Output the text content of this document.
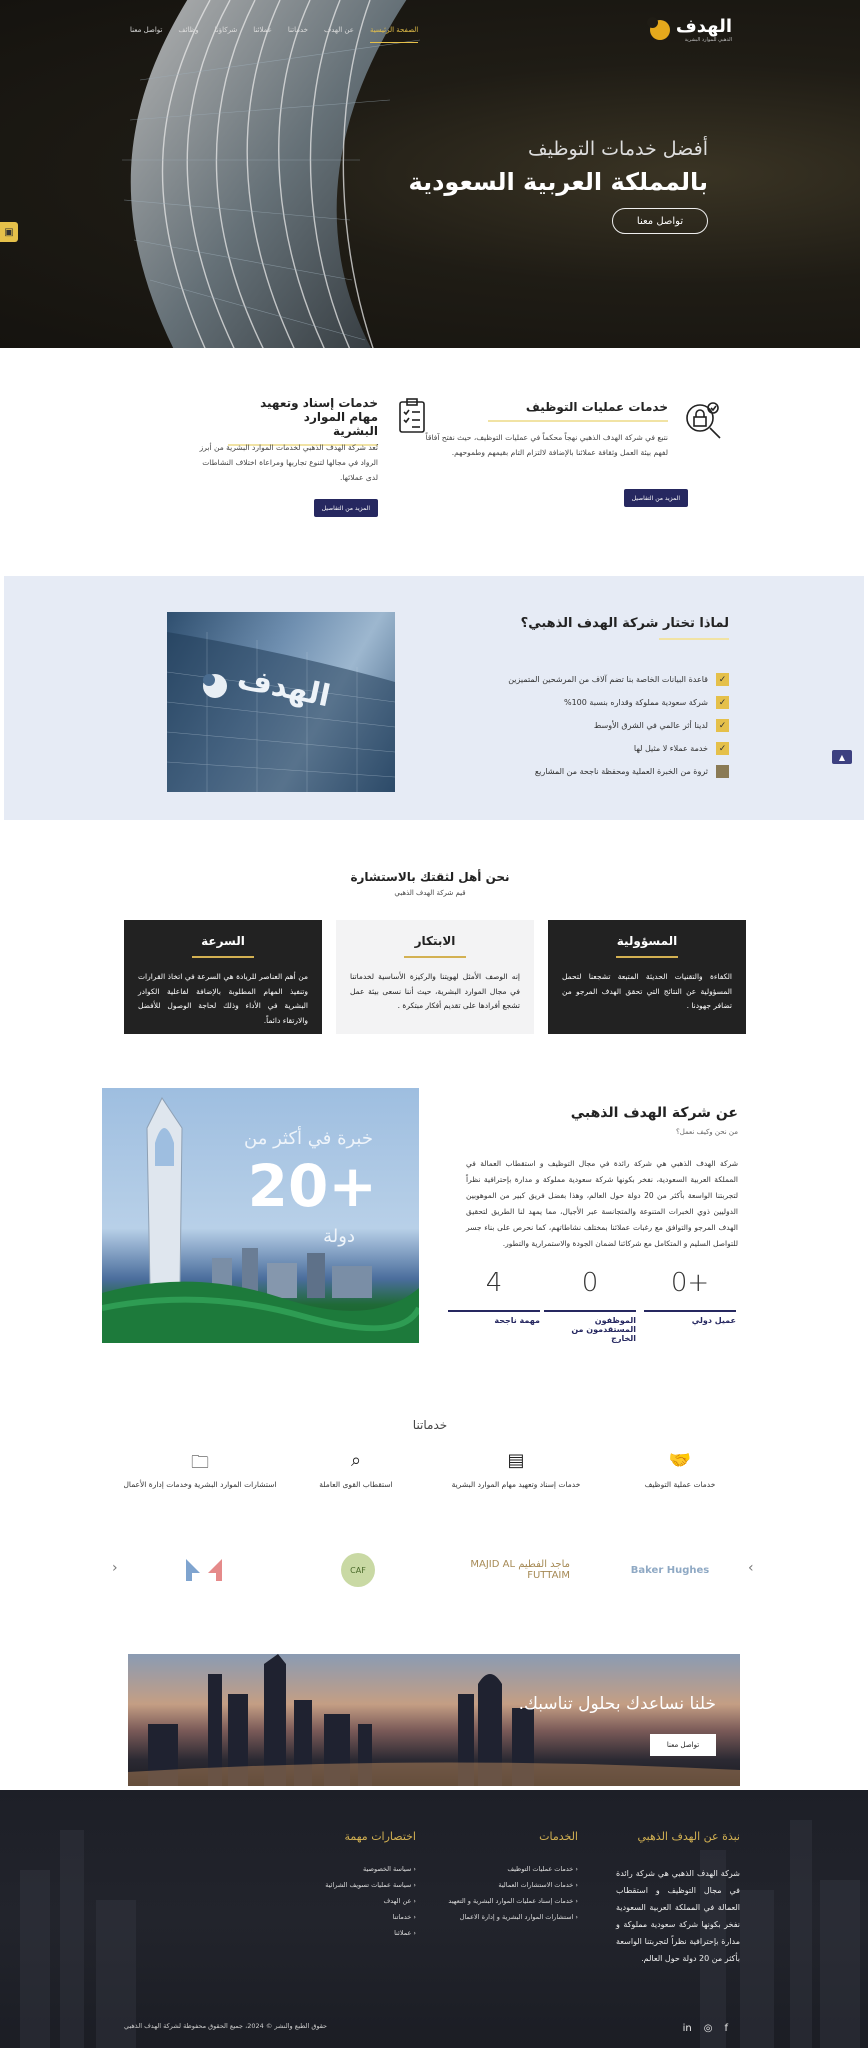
الهدف
الذهبي للموارد البشرية
تواصل معنا وظائف شركاؤنا عملائنا خدماتنا عن الهدف الصفحة الرئيسية
أفضل خدمات التوظيف
بالمملكة العربية السعودية
تواصل معنا
▣
خدمات عمليات التوظيف

نتبع في شركة الهدف الذهبي نهجاً محكماً في عمليات التوظيف، حيث نفتح آفاقاً لفهم بيئة العمل وثقافة عملائنا بالإضافة لالتزام التام بقيمهم وطموحهم.

المزيد من التفاصيل
خدمات إسناد وتعهيد مهام الموارد البشرية

تُعد شركة الهدف الذهبي لخدمات الموارد البشرية من أبرز الرواد في مجالها لتنوع تجاربها ومراعاة اختلاف النشاطات لدى عملائها.

المزيد من التفاصيل
لماذا تختار شركة الهدف الذهبي؟
✓
قاعدة البيانات الخاصة بنا تضم آلاف من المرشحين المتميزين
✓
شركة سعودية مملوكة وقداره بنسبة 100%
✓
لدينا أثر عالمي في الشرق الأوسط
✓
خدمة عملاء لا مثيل لها
ثروة من الخبرة العملية ومحفظة ناجحة من المشاريع
الهدف
▲
نحن أهل لثقتك بالاستشارة
قيم شركة الهدف الذهبي
المسؤولية

الكفاءة والتقنيات الحديثة المتبعة تشجعنا لتحمل المسؤولية عن النتائج التي تحقق الهدف المرجو من تضافر جهودنا .

الابتكار

إنه الوصف الأمثل لهويتنا والركيزة الأساسية لخدماتنا في مجال الموارد البشرية، حيث أننا نسعى بيئة عمل تشجع أفرادها على تقديم أفكار مبتكرة .

السرعة

من أهم العناصر للريادة هي السرعة في اتخاذ القرارات وتنفيذ المهام المطلوبة بالإضافة لفاعلية الكوادر البشرية في الأداء وذلك لحاجة الوصول للأفضل والارتقاء دائماً.

خبرة في أكثر من
+20
دولة
عن شركة الهدف الذهبي
من نحن وكيف نعمل؟

شركة الهدف الذهبي هي شركة رائدة في مجال التوظيف و استقطاب العمالة في المملكة العربية السعودية، نفخر بكونها شركة سعودية مملوكة و مدارة بإحترافية نظراً لتجربتنا الواسعة بأكثر من 20 دولة حول العالم، وهذا بفضل فريق كبير من الموهوبين الدوليين ذوي الخبرات المتنوعة والمتجانسة عبر الأجيال، مما يمهد لنا الطريق لتحقيق الهدف المرجو والتوافق مع رغبات عملائنا بمختلف نشاطاتهم، كما نحرص على بناء جسر للتواصل السليم و المتكامل مع شركائنا لضمان الجودة والاستمرارية والتطور.

+0
عميل دولي
0
الموظفون المستقدمون من الخارج
4
مهمة ناجحة
خدماتنا
🤝
خدمات عملية التوظيف
▤
خدمات إسناد وتعهيد مهام الموارد البشرية
⌕
استقطاب القوى العاملة
🗀
استشارات الموارد البشرية وخدمات إدارة الأعمال
‹	›
Baker Hughes
ماجد الفطيم MAJID AL FUTTAIM
CAF
خلنا نساعدك بحلول تناسبك.
تواصل معنا
نبذة عن الهدف الذهبي

شركة الهدف الذهبي هي شركة رائدة في مجال التوظيف و استقطاب العمالة في المملكة العربية السعودية نفخر بكونها شركة سعودية مملوكة و مدارة بإحترافية نظراً لتجربتنا الواسعة بأكثر من 20 دولة حول العالم.

الخدمات
‹ خدمات عمليات التوظيف
‹ خدمات الاستشارات العمالية
‹ خدمات إسناد عمليات الموارد البشرية و التعهيد
‹ استشارات الموارد البشرية و إدارة الاعمال
اختصارات مهمة
‹ سياسة الخصوصية
‹ سياسة عمليات تسويف الشرائية
‹ عن الهدف
‹ خدماتنا
‹ عملائنا
حقوق الطبع والنشر © 2024، جميع الحقوق محفوظة لشركة الهدف الذهبي	in ◎ f
